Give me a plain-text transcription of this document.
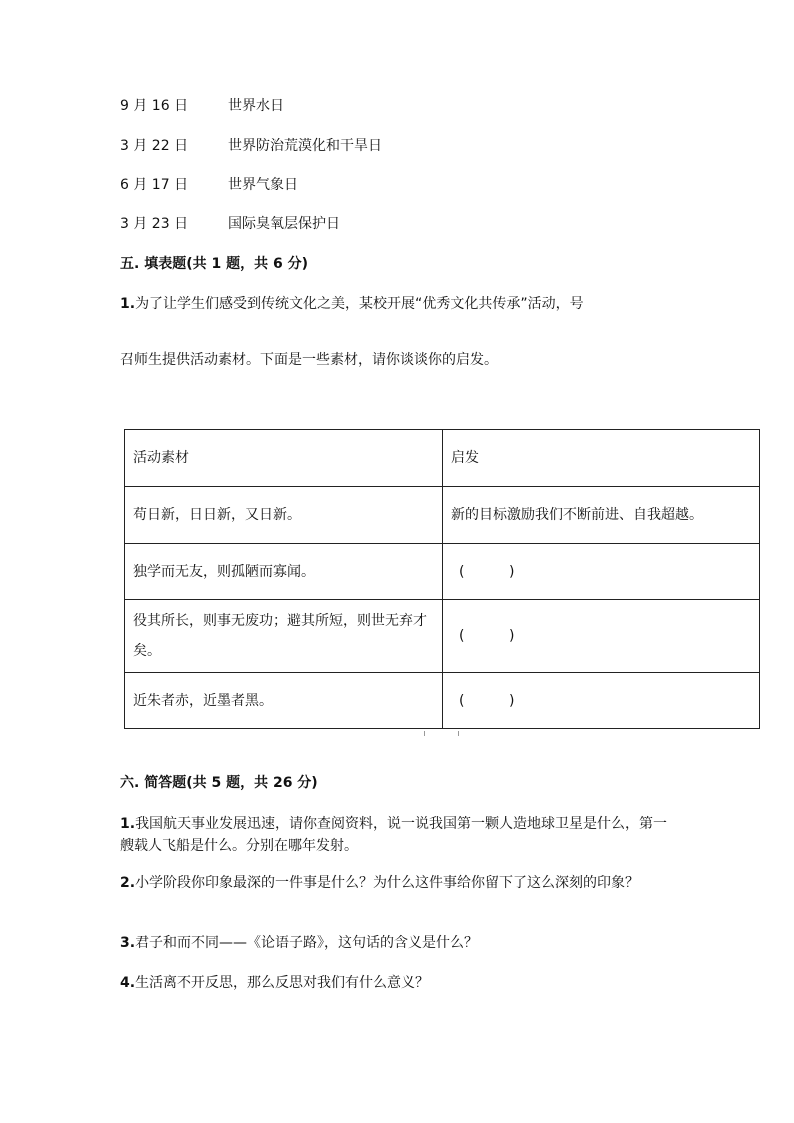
9 月 16 日	世界水日
3 月 22 日	世界防治荒漠化和干旱日
6 月 17 日	世界气象日
3 月 23 日	国际臭氧层保护日
五. 填表题(共 1 题，共 6 分)
1.为了让学生们感受到传统文化之美，某校开展“优秀文化共传承”活动，号
召师生提供活动素材。下面是一些素材，请你谈谈你的启发。
活动素材	启发
苟日新，日日新，又日新。	新的目标激励我们不断前进、自我超越。
独学而无友，则孤陋而寡闻。	(          )
役其所长，则事无废功；避其所短，则世无弃才矣。	(          )
近朱者赤，近墨者黑。	(          )
六. 简答题(共 5 题，共 26 分)
1.我国航天事业发展迅速，请你查阅资料，说一说我国第一颗人造地球卫星是什么，第一艘载人飞船是什么。分别在哪年发射。
2.小学阶段你印象最深的一件事是什么？为什么这件事给你留下了这么深刻的印象？
3.君子和而不同——《论语子路》，这句话的含义是什么？
4.生活离不开反思，那么反思对我们有什么意义？
